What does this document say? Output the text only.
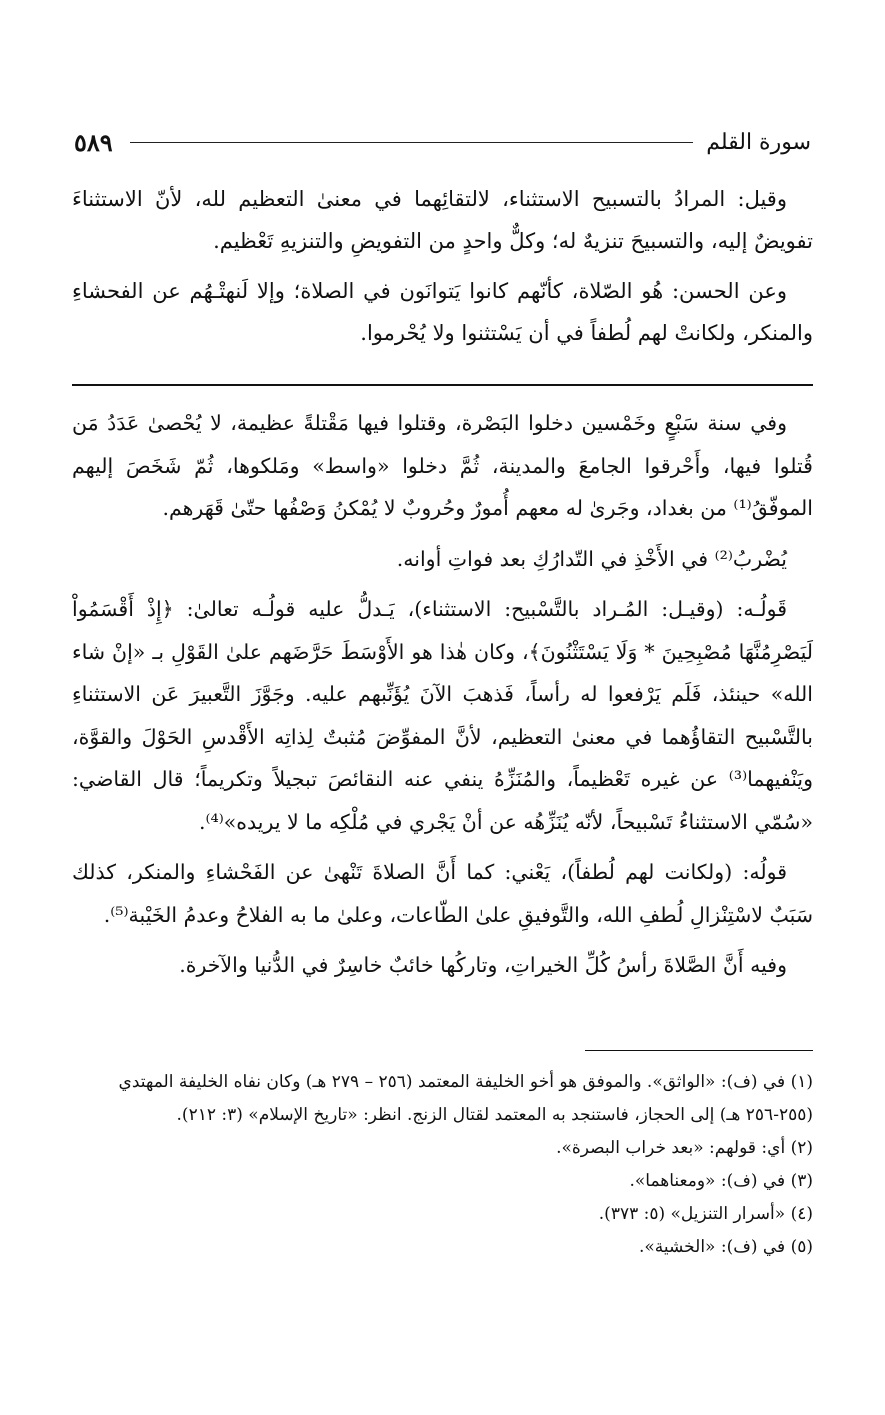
٥٨٩	سورة القلم

وقيل: المرادُ بالتسبيح الاستثناء، لالتقائِهما في معنىٰ التعظيم لله، لأنّ الاستثناءَ تفويضٌ إليه، والتسبيحَ تنزيهٌ له؛ وكلٌّ واحدٍ من التفويضِ والتنزيهِ تَعْظيم.

وعن الحسن: هُو الصّلاة، كأنّهم كانوا يَتوانَون في الصلاة؛ وإلا لَنهتْـهُم عن الفحشاءِ والمنكر، ولكانتْ لهم لُطفاً في أن يَسْتثنوا ولا يُحْرموا.

وفي سنة سَبْعٍ وخَمْسين دخلوا البَصْرة، وقتلوا فيها مَقْتلةً عظيمة، لا يُحْصىٰ عَدَدُ مَن قُتلوا فيها، وأَحْرقوا الجامعَ والمدينة، ثُمَّ دخلوا «واسط» ومَلكوها، ثُمّ شَخَصَ إليهم الموفّقُ⁽¹⁾ من بغداد، وجَرىٰ له معهم أُمورٌ وحُروبٌ لا يُمْكنُ وَصْفُها حتّىٰ قَهَرهم.

يُضْربُ⁽²⁾ في الأَخْذِ في التّدارُكِ بعد فواتِ أوانه.

قَولُـه: (وقيـل: المُـراد بالتَّسْبيح: الاستثناء)، يَـدلُّ عليه قولُـه تعالىٰ: ﴿إِذْ أَقْسَمُواْ لَيَصْرِمُنَّهَا مُصْبِحِينَ * وَلَا يَسْتَثْنُونَ﴾، وكان هٰذا هو الأَوْسَطَ حَرَّضَهم علىٰ القَوْلِ بـ «إنْ شاء الله» حينئذ، فَلَم يَرْفعوا له رأساً، فَذهبَ الآنَ يُؤَنِّبهم عليه. وجَوَّزَ التَّعبيرَ عَن الاستثناءِ بالتَّسْبيح التقاؤُهما في معنىٰ التعظيم، لأنَّ المفوِّضَ مُثبتٌ لِذاتِه الأَقْدسِ الحَوْلَ والقوَّة، ويَنْفيهما⁽³⁾ عن غيره تَعْظيماً، والمُنَزِّهُ ينفي عنه النقائصَ تبجيلاً وتكريماً؛ قال القاضي: «سُمّي الاستثناءُ تَسْبيحاً، لأنّه يُنَزِّهُه عن أنْ يَجْري في مُلْكِه ما لا يريده»⁽⁴⁾.

قولُه: (ولكانت لهم لُطفاً)، يَعْني: كما أَنَّ الصلاةَ تَنْهىٰ عن الفَحْشاءِ والمنكر، كذلك سَبَبٌ لاسْتِنْزالِ لُطفِ الله، والتَّوفيقِ علىٰ الطّاعات، وعلىٰ ما به الفلاحُ وعدمُ الخَيْبة⁽⁵⁾.

وفيه أَنَّ الصَّلاةَ رأسُ كُلِّ الخيراتِ، وتاركُها خائبٌ خاسِرٌ في الدُّنيا والآخرة.

(١) في (ف): «الواثق». والموفق هو أخو الخليفة المعتمد (٢٥٦ – ٢٧٩ هـ) وكان نفاه الخليفة المهتدي (٢٥٥-٢٥٦ هـ) إلى الحجاز، فاستنجد به المعتمد لقتال الزنج. انظر: «تاريخ الإسلام» (٣: ٢١٢).
(٢) أي: قولهم: «بعد خراب البصرة».
(٣) في (ف): «ومعناهما».
(٤) «أسرار التنزيل» (٥: ٣٧٣).
(٥) في (ف): «الخشية».
